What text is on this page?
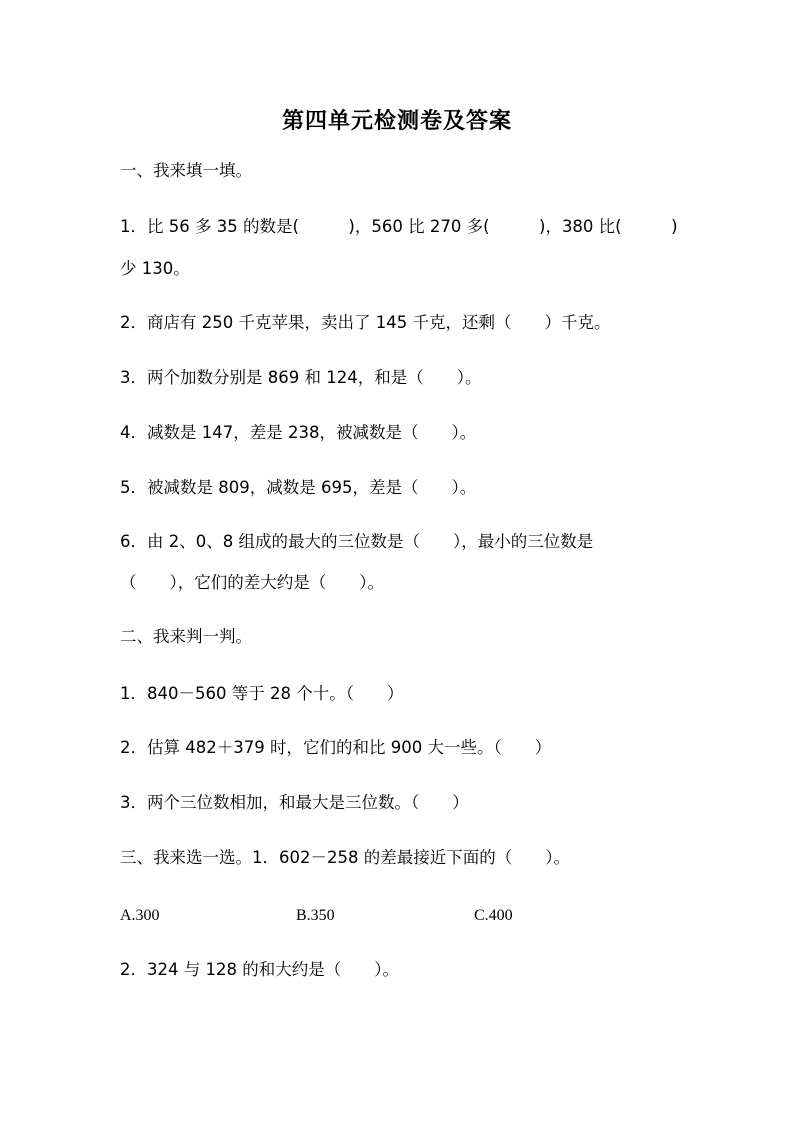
第四单元检测卷及答案
一、我来填一填。
1．比 56 多 35 的数是(　　　)，560 比 270 多(　　　)，380 比(　　　)
少 130。
2．商店有 250 千克苹果，卖出了 145 千克，还剩（　　）千克。
3．两个加数分别是 869 和 124，和是（　　）。
4．减数是 147，差是 238，被减数是（　　）。
5．被减数是 809，减数是 695，差是（　　）。
6．由 2、0、8 组成的最大的三位数是（　　），最小的三位数是
（　　），它们的差大约是（　　）。
二、我来判一判。
1．840－560 等于 28 个十。（　　）
2．估算 482＋379 时，它们的和比 900 大一些。（　　）
3．两个三位数相加，和最大是三位数。（　　）
三、我来选一选。1．602－258 的差最接近下面的（　　）。
A.300	B.350	C.400
2．324 与 128 的和大约是（　　）。
